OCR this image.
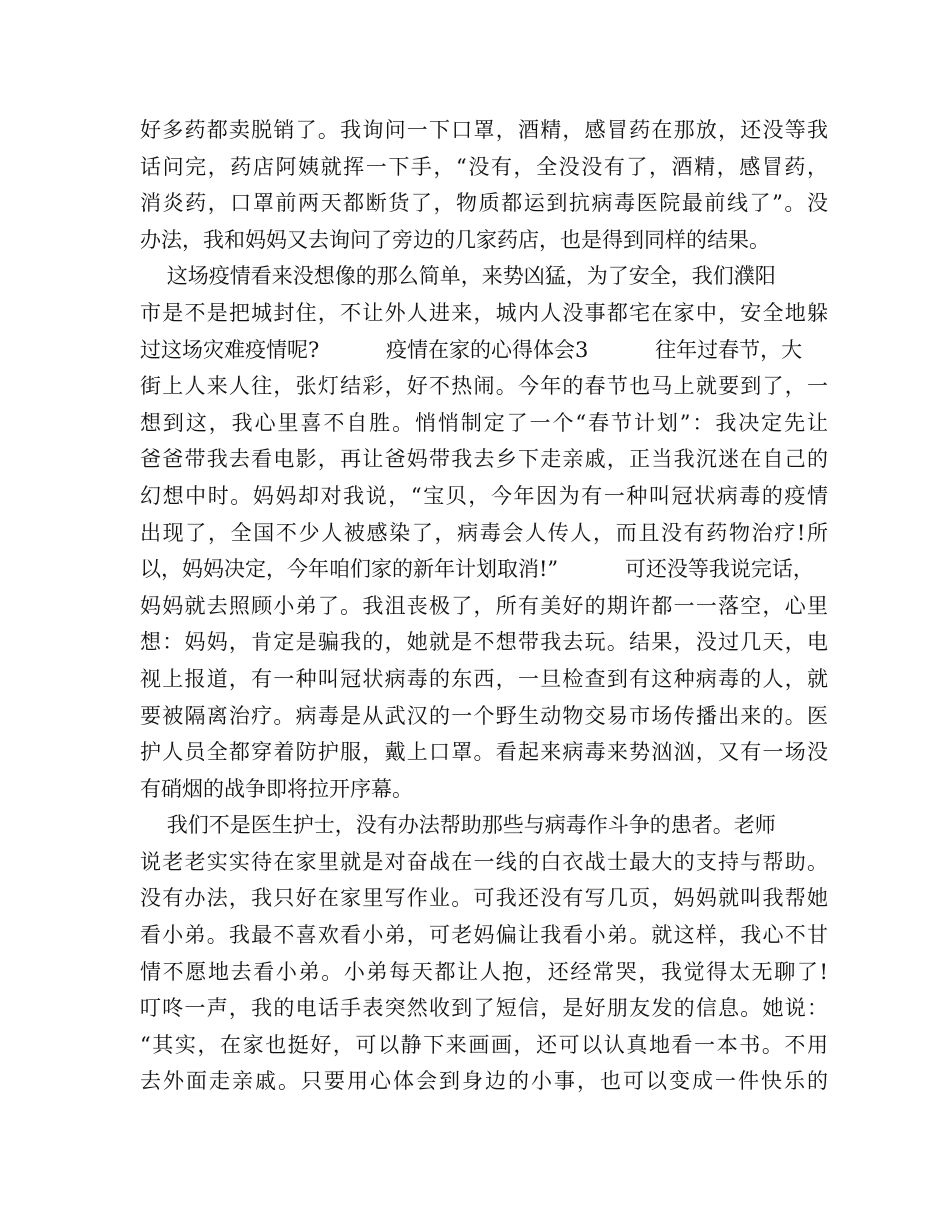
好多药都卖脱销了。我询问一下口罩，酒精，感冒药在那放，还没等我
话问完，药店阿姨就挥一下手，“没有，全没没有了，酒精，感冒药，
消炎药，口罩前两天都断货了，物质都运到抗病毒医院最前线了”。没
办法，我和妈妈又去询问了旁边的几家药店，也是得到同样的结果。
这场疫情看来没想像的那么简单，来势凶猛，为了安全，我们濮阳
市是不是把城封住，不让外人进来，城内人没事都宅在家中，安全地躲
过这场灾难疫情呢?          疫情在家的心得体会3          往年过春节，大
街上人来人往，张灯结彩，好不热闹。今年的春节也马上就要到了，一
想到这，我心里喜不自胜。悄悄制定了一个“春节计划”：我决定先让
爸爸带我去看电影，再让爸妈带我去乡下走亲戚，正当我沉迷在自己的
幻想中时。妈妈却对我说，“宝贝，今年因为有一种叫冠状病毒的疫情
出现了，全国不少人被感染了，病毒会人传人，而且没有药物治疗!所
以，妈妈决定，今年咱们家的新年计划取消!”          可还没等我说完话，
妈妈就去照顾小弟了。我沮丧极了，所有美好的期许都一一落空，心里
想：妈妈，肯定是骗我的，她就是不想带我去玩。结果，没过几天，电
视上报道，有一种叫冠状病毒的东西，一旦检查到有这种病毒的人，就
要被隔离治疗。病毒是从武汉的一个野生动物交易市场传播出来的。医
护人员全都穿着防护服，戴上口罩。看起来病毒来势汹汹，又有一场没
有硝烟的战争即将拉开序幕。
我们不是医生护士，没有办法帮助那些与病毒作斗争的患者。老师
说老老实实待在家里就是对奋战在一线的白衣战士最大的支持与帮助。
没有办法，我只好在家里写作业。可我还没有写几页，妈妈就叫我帮她
看小弟。我最不喜欢看小弟，可老妈偏让我看小弟。就这样，我心不甘
情不愿地去看小弟。小弟每天都让人抱，还经常哭，我觉得太无聊了!
叮咚一声，我的电话手表突然收到了短信，是好朋友发的信息。她说：
“其实，在家也挺好，可以静下来画画，还可以认真地看一本书。不用
去外面走亲戚。只要用心体会到身边的小事，也可以变成一件快乐的
